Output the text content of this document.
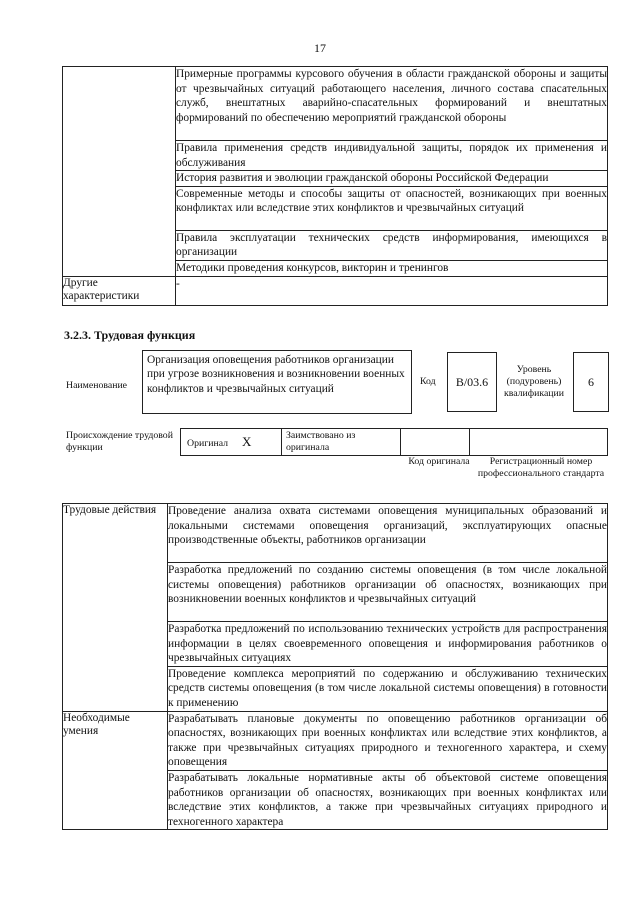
17
	Примерные программы курсового обучения в области гражданской обороны и защиты от чрезвычайных ситуаций работающего населения, личного состава спасательных служб, внештатных аварийно-спасательных формирований и внештатных формирований по обеспечению мероприятий гражданской обороны
	Правила применения средств индивидуальной защиты, порядок их применения и обслуживания
	История развития и эволюции гражданской обороны Российской Федерации
	Современные методы и способы защиты от опасностей, возникающих при военных конфликтах или вследствие этих конфликтов и чрезвычайных ситуаций
	Правила эксплуатации технических средств информирования, имеющихся в организации
	Методики проведения конкурсов, викторин и тренингов
Другие характеристики	-
3.2.3. Трудовая функция
Наименование
Организация оповещения работников организации при угрозе возникновения и возникновении военных конфликтов и чрезвычайных ситуаций
Код B/03.6
Уровень (подуровень) квалификации
6
Происхождение трудовой функции	Оригинал X	Заимствовано из оригинала

Код оригинала	Регистрационный номер профессионального стандарта
Трудовые действия	Проведение анализа охвата системами оповещения муниципальных образований и локальными системами оповещения организаций, эксплуатирующих опасные производственные объекты, работников организации
	Разработка предложений по созданию системы оповещения (в том числе локальной системы оповещения) работников организации об опасностях, возникающих при возникновении военных конфликтов и чрезвычайных ситуаций
	Разработка предложений по использованию технических устройств для распространения информации в целях своевременного оповещения и информирования работников о чрезвычайных ситуациях
	Проведение комплекса мероприятий по содержанию и обслуживанию технических средств системы оповещения (в том числе локальной системы оповещения) в готовности к применению
Необходимые умения	Разрабатывать плановые документы по оповещению работников организации об опасностях, возникающих при военных конфликтах или вследствие этих конфликтов, а также при чрезвычайных ситуациях природного и техногенного характера, и схему оповещения
	Разрабатывать локальные нормативные акты об объектовой системе оповещения работников организации об опасностях, возникающих при военных конфликтах или вследствие этих конфликтов, а также при чрезвычайных ситуациях природного и техногенного характера
